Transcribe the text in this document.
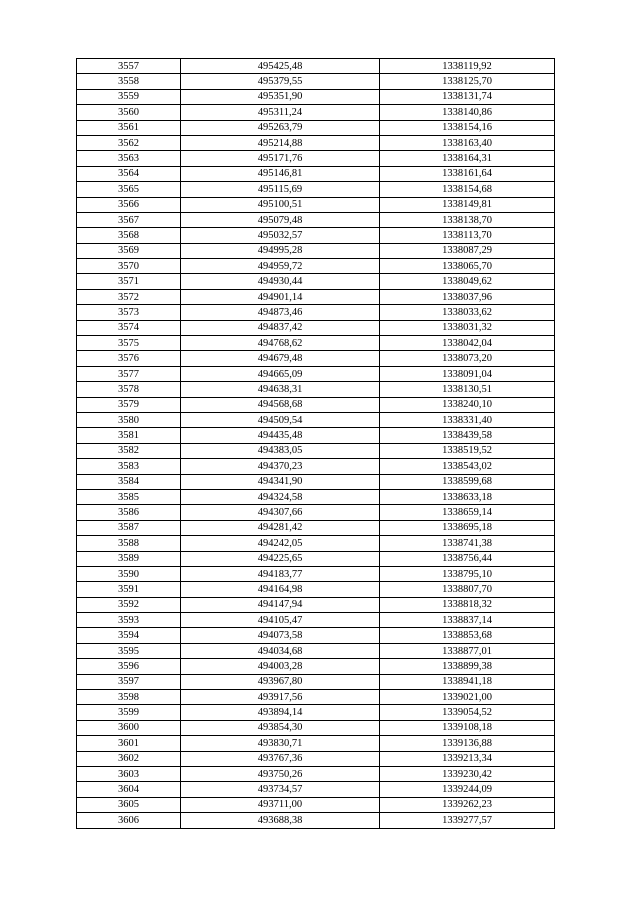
3557	495425,48	1338119,92
3558	495379,55	1338125,70
3559	495351,90	1338131,74
3560	495311,24	1338140,86
3561	495263,79	1338154,16
3562	495214,88	1338163,40
3563	495171,76	1338164,31
3564	495146,81	1338161,64
3565	495115,69	1338154,68
3566	495100,51	1338149,81
3567	495079,48	1338138,70
3568	495032,57	1338113,70
3569	494995,28	1338087,29
3570	494959,72	1338065,70
3571	494930,44	1338049,62
3572	494901,14	1338037,96
3573	494873,46	1338033,62
3574	494837,42	1338031,32
3575	494768,62	1338042,04
3576	494679,48	1338073,20
3577	494665,09	1338091,04
3578	494638,31	1338130,51
3579	494568,68	1338240,10
3580	494509,54	1338331,40
3581	494435,48	1338439,58
3582	494383,05	1338519,52
3583	494370,23	1338543,02
3584	494341,90	1338599,68
3585	494324,58	1338633,18
3586	494307,66	1338659,14
3587	494281,42	1338695,18
3588	494242,05	1338741,38
3589	494225,65	1338756,44
3590	494183,77	1338795,10
3591	494164,98	1338807,70
3592	494147,94	1338818,32
3593	494105,47	1338837,14
3594	494073,58	1338853,68
3595	494034,68	1338877,01
3596	494003,28	1338899,38
3597	493967,80	1338941,18
3598	493917,56	1339021,00
3599	493894,14	1339054,52
3600	493854,30	1339108,18
3601	493830,71	1339136,88
3602	493767,36	1339213,34
3603	493750,26	1339230,42
3604	493734,57	1339244,09
3605	493711,00	1339262,23
3606	493688,38	1339277,57
